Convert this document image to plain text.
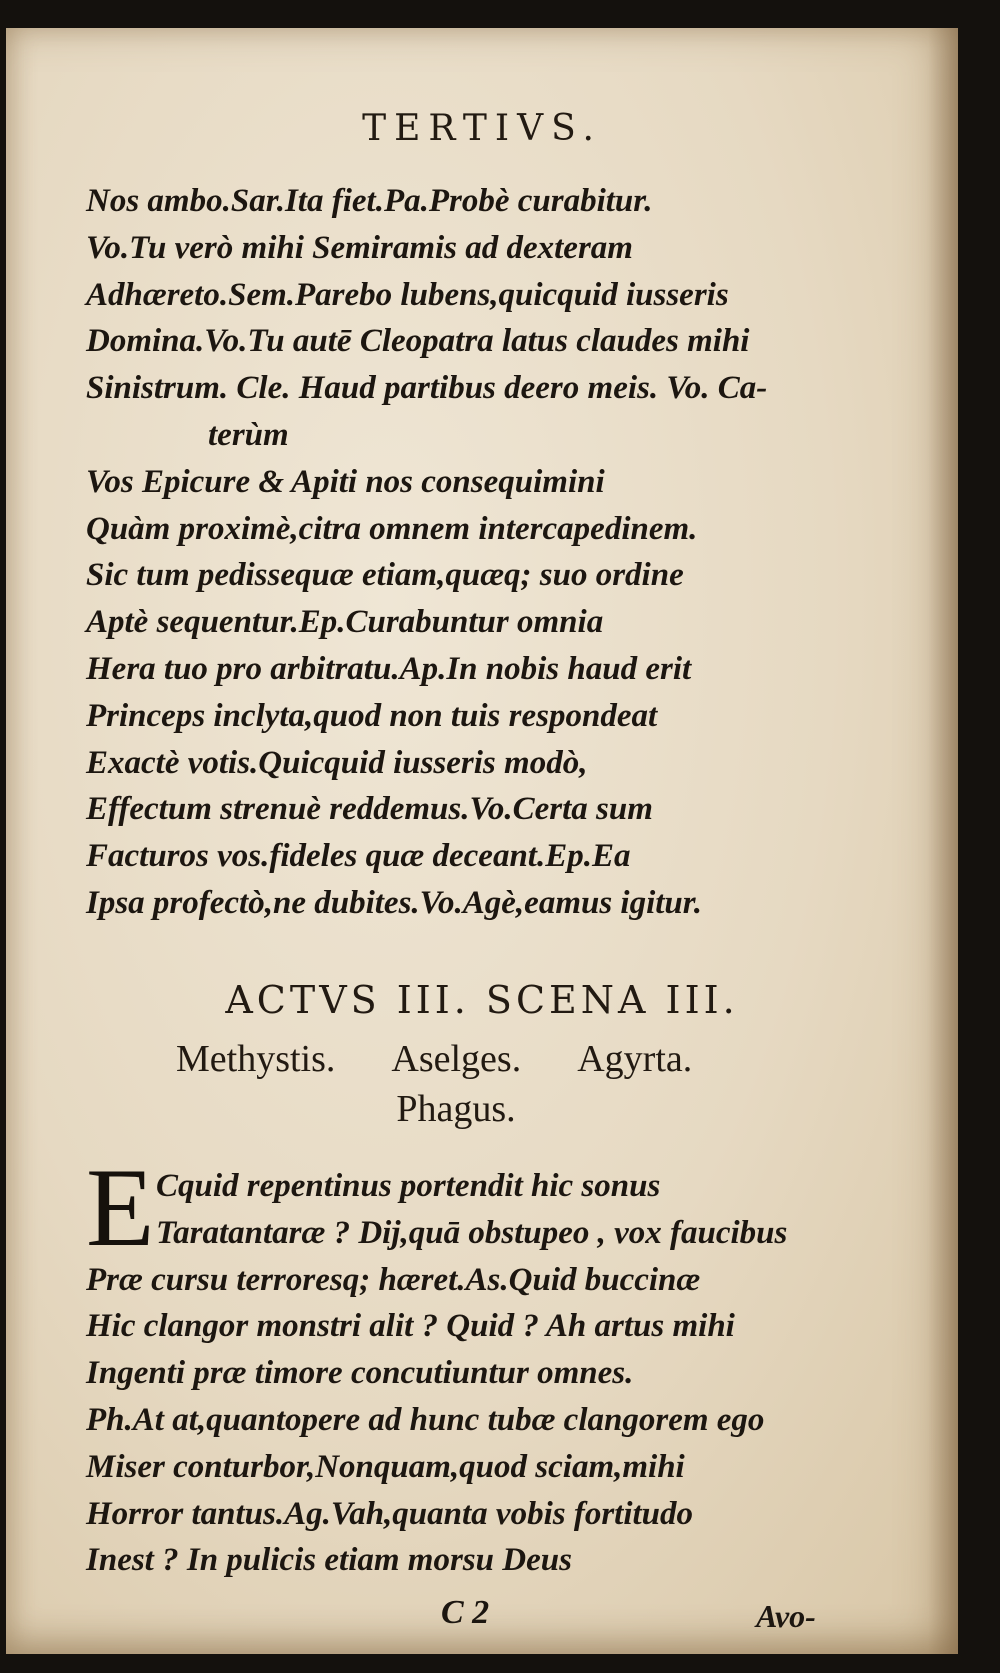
TERTIVS.
Nos ambo.Sar.Ita fiet.Pa.Probè curabitur.
Vo.Tu verò mihi Semiramis ad dexteram
Adhæreto.Sem.Parebo lubens,quicquid iusseris
Domina.Vo.Tu autē Cleopatra latus claudes mihi
Sinistrum. Cle. Haud partibus deero meis. Vo. Ca-
terùm
Vos Epicure & Apiti nos consequimini
Quàm proximè,citra omnem intercapedinem.
Sic tum pedissequæ etiam,quæq; suo ordine
Aptè sequentur.Ep.Curabuntur omnia
Hera tuo pro arbitratu.Ap.In nobis haud erit
Princeps inclyta,quod non tuis respondeat
Exactè votis.Quicquid iusseris modò,
Effectum strenuè reddemus.Vo.Certa sum
Facturos vos.fideles quæ deceant.Ep.Ea
Ipsa profectò,ne dubites.Vo.Agè,eamus igitur.
ACTVS III. SCENA III.
Methystis. Aselges. Agyrta.
Phagus.
E Cquid repentinus portendit hic sonus
Taratantaræ ? Dij,quā obstupeo , vox faucibus
Præ cursu terroresq; hæret.As.Quid buccinæ
Hic clangor monstri alit ? Quid ? Ah artus mihi
Ingenti præ timore concutiuntur omnes.
Ph.At at,quantopere ad hunc tubæ clangorem ego
Miser conturbor,Nonquam,quod sciam,mihi
Horror tantus.Ag.Vah,quanta vobis fortitudo
Inest ? In pulicis etiam morsu Deus
C 2	Avo-
